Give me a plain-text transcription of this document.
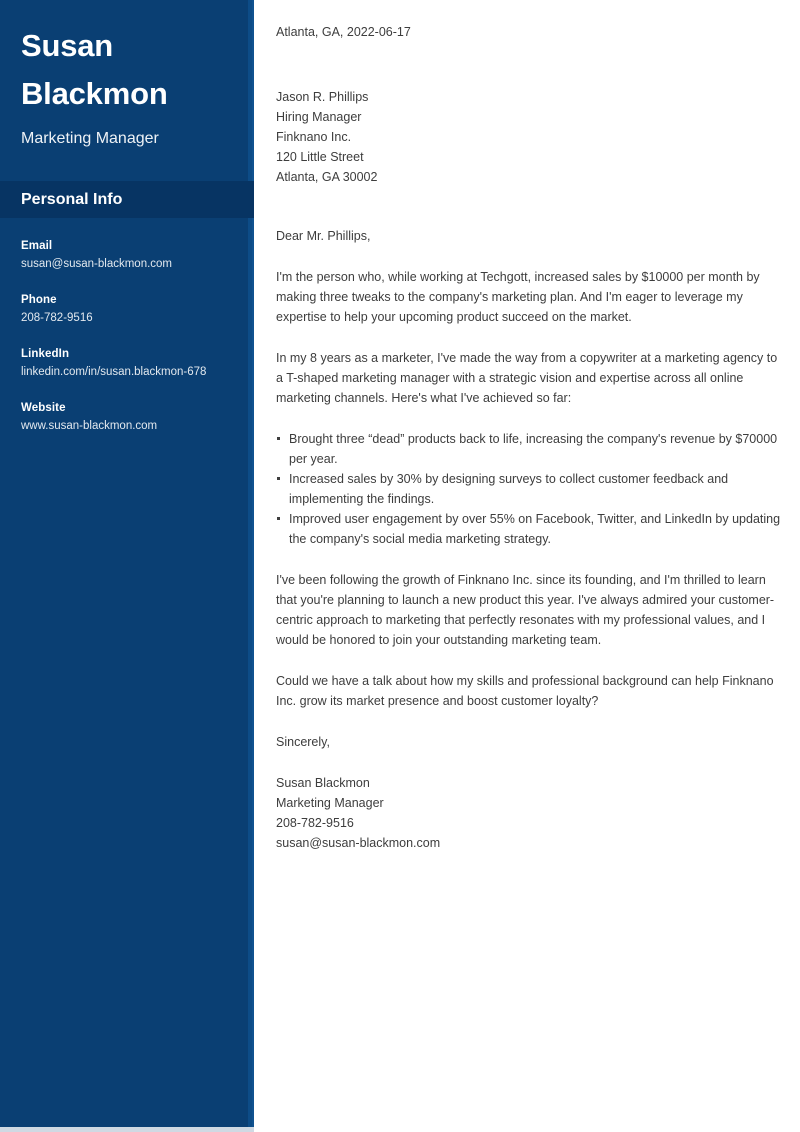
Susan
Blackmon
Marketing Manager
Personal Info
Email
susan@susan-blackmon.com
Phone
208-782-9516
LinkedIn
linkedin.com/in/susan.blackmon-678
Website
www.susan-blackmon.com
Atlanta, GA, 2022-06-17
Jason R. Phillips
Hiring Manager
Finknano Inc.
120 Little Street
Atlanta, GA 30002
Dear Mr. Phillips,
I'm the person who, while working at Techgott, increased sales by $10000 per month by making three tweaks to the company's marketing plan. And I'm eager to leverage my expertise to help your upcoming product succeed on the market.
In my 8 years as a marketer, I've made the way from a copywriter at a marketing agency to a T-shaped marketing manager with a strategic vision and expertise across all online marketing channels. Here's what I've achieved so far:
Brought three “dead” products back to life, increasing the company's revenue by $70000 per year.
Increased sales by 30% by designing surveys to collect customer feedback and implementing the findings.
Improved user engagement by over 55% on Facebook, Twitter, and LinkedIn by updating the company's social media marketing strategy.
I've been following the growth of Finknano Inc. since its founding, and I'm thrilled to learn that you're planning to launch a new product this year. I've always admired your customer-centric approach to marketing that perfectly resonates with my professional values, and I would be honored to join your outstanding marketing team.
Could we have a talk about how my skills and professional background can help Finknano Inc. grow its market presence and boost customer loyalty?
Sincerely,
Susan Blackmon
Marketing Manager
208-782-9516
susan@susan-blackmon.com
